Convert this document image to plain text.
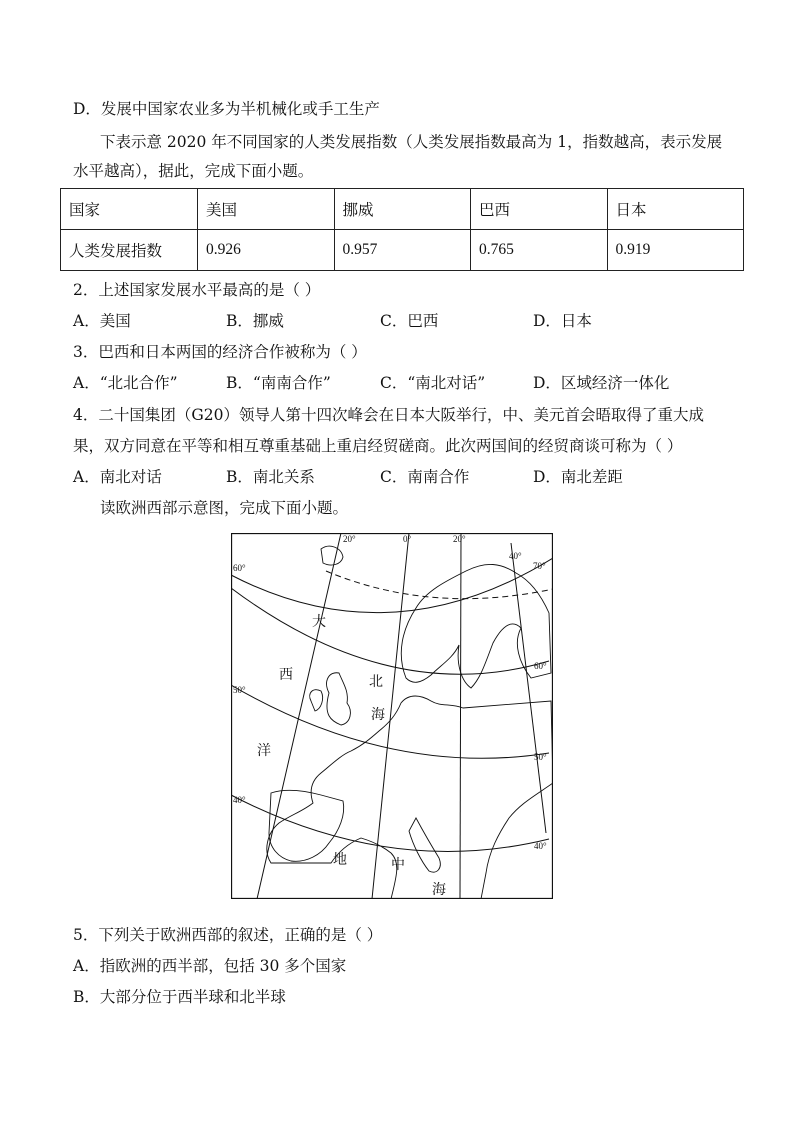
D．发展中国家农业多为半机械化或手工生产
下表示意 2020 年不同国家的人类发展指数（人类发展指数最高为 1，指数越高，表示发展
水平越高），据此，完成下面小题。
国家	美国	挪威	巴西	日本
人类发展指数	0.926	0.957	0.765	0.919
2．上述国家发展水平最高的是（ ）
A．美国	B．挪威	C．巴西	D．日本
3．巴西和日本两国的经济合作被称为（ ）
A．“北北合作”	B．“南南合作”	C．“南北对话”	D．区域经济一体化
4．二十国集团（G20）领导人第十四次峰会在日本大阪举行，中、美元首会晤取得了重大成
果，双方同意在平等和相互尊重基础上重启经贸磋商。此次两国间的经贸商谈可称为（ ）
A．南北对话	B．南北关系	C．南南合作	D．南北差距
读欧洲西部示意图，完成下面小题。
20°	0°	20°
40°
60°
50°
40°
70°
60°
50°
40°
大
西
洋
北
海
地	中
海
5．下列关于欧洲西部的叙述，正确的是（ ）
A．指欧洲的西半部，包括 30 多个国家
B．大部分位于西半球和北半球
